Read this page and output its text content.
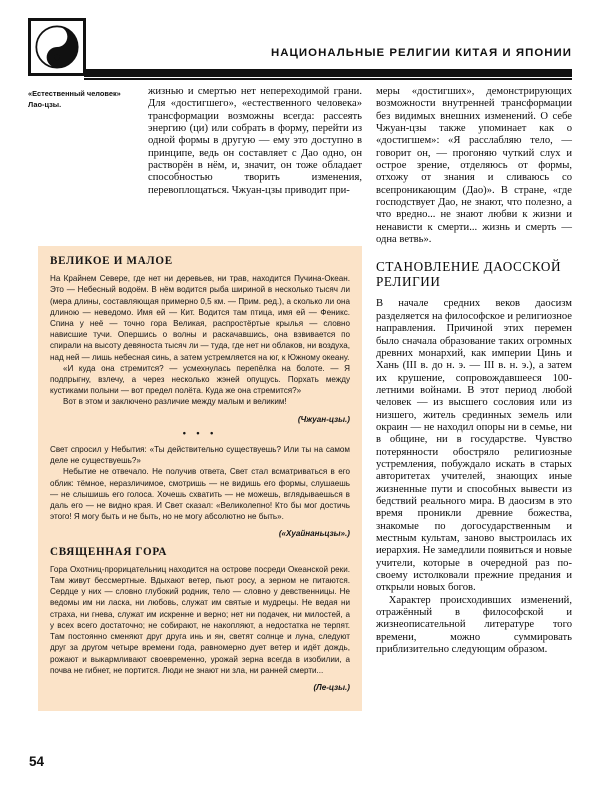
НАЦИОНАЛЬНЫЕ РЕЛИГИИ КИТАЯ И ЯПОНИИ
«Естественный человек» Лао-цзы.

жизнью и смертью нет непереходимой грани. Для «достигшего», «естественного человека» трансформации возможны всегда: рассеять энергию (ци) или собрать в форму, перейти из одной формы в другую — ему это доступно в принципе, ведь он составляет с Дао одно, он растворён в нём, и, значит, он тоже обладает способностью творить изменения, перевоплощаться. Чжуан-цзы приводит при-

меры «достигших», демонстрирующих возможности внутренней трансформации без видимых внешних изменений. О себе Чжуан-цзы также упоминает как о «достигшем»: «Я расслабляю тело, — говорит он, — прогоняю чуткий слух и острое зрение, отделяюсь от формы, отхожу от знания и сливаюсь со всепроникающим (Дао)». В стране, «где господствует Дао, не знают, что полезно, а что вредно... не знают любви к жизни и ненависти к смерти... жизнь и смерть — одна ветвь».

СТАНОВЛЕНИЕ ДАОССКОЙ РЕЛИГИИ

В начале средних веков даосизм разделяется на философское и религиозное направления. Причиной этих перемен было сначала образование таких огромных древних монархий, как империи Цинь и Хань (III в. до н. э. — III в. н. э.), а затем их крушение, сопровождавшееся 100-летними войнами. В этот период любой человек — из высшего сословия или из низшего, житель срединных земель или окраин — не находил опоры ни в семье, ни в общине, ни в государстве. Чувство потерянности обостряло религиозные устремления, побуждало искать в старых авторитетах учителей, знающих иные жизненные пути и способных вывести из бедствий реального мира. В даосизм в это время проникли древние божества, знакомые по догосударственным и местным культам, заново выстроилась их иерархия. Не замедлили появиться и новые учители, которые в очередной раз по-своему истолковали прежние предания и открыли новых богов.

Характер происходивших изменений, отражённый в философской и жизнеописательной литературе того времени, можно суммировать приблизительно следующим образом.

ВЕЛИКОЕ И МАЛОЕ

На Крайнем Севере, где нет ни деревьев, ни трав, находится Пучина-Океан. Это — Небесный водоём. В нём водится рыба шириной в несколько тысяч ли (мера длины, составляющая примерно 0,5 км. — Прим. ред.), а сколько ли она длиною — неведомо. Имя ей — Кит. Водится там птица, имя ей — Феникс. Спина у неё — точно гора Великая, распростёртые крылья — словно нависшие тучи. Опершись о волны и раскачавшись, она взвивается по спирали на высоту девяноста тысяч ли — туда, где нет ни облаков, ни воздуха, над ней — лишь небесная синь, а затем устремляется на юг, к Южному океану.

«И куда она стремится? — усмехнулась перепёлка на болоте. — Я подпрыгну, взлечу, а через несколько жэней опущусь. Порхать между кустиками полыни — вот предел полёта. Куда же она стремится?»

Вот в этом и заключено различие между малым и великим!

(Чжуан-цзы.)
• • •

Свет спросил у Небытия: «Ты действительно существуешь? Или ты на самом деле не существуешь?»

Небытие не отвечало. Не получив ответа, Свет стал всматриваться в его облик: тёмное, неразличимое, смотришь — не видишь его формы, слушаешь — не слышишь его голоса. Хочешь схватить — не можешь, вглядываешься в даль его — не видно края. И Свет сказал: «Великолепно! Кто бы мог достичь этого! Я могу быть и не быть, но не могу абсолютно не быть».

(«Хуайнаньцзы».)
СВЯЩЕННАЯ ГОРА

Гора Охотниц-прорицательниц находится на острове посреди Океанской реки. Там живут бессмертные. Вдыхают ветер, пьют росу, а зерном не питаются. Сердце у них — словно глубокий родник, тело — словно у девственницы. Не ведомы им ни ласка, ни любовь, служат им святые и мудрецы. Не ведая ни страха, ни гнева, служат им искренне и верно; нет ни подачек, ни милостей, а у всех всего достаточно; не собирают, не накопляют, а недостатка не терпят. Там постоянно сменяют друг друга инь и ян, светят солнце и луна, следуют друг за другом четыре времени года, равномерно дует ветер и идёт дождь, рожают и выкармливают своевременно, урожай зерна всегда в изобилии, а почва не гибнет, не портится. Люди не знают ни зла, ни ранней смерти...

(Ле-цзы.)
54
